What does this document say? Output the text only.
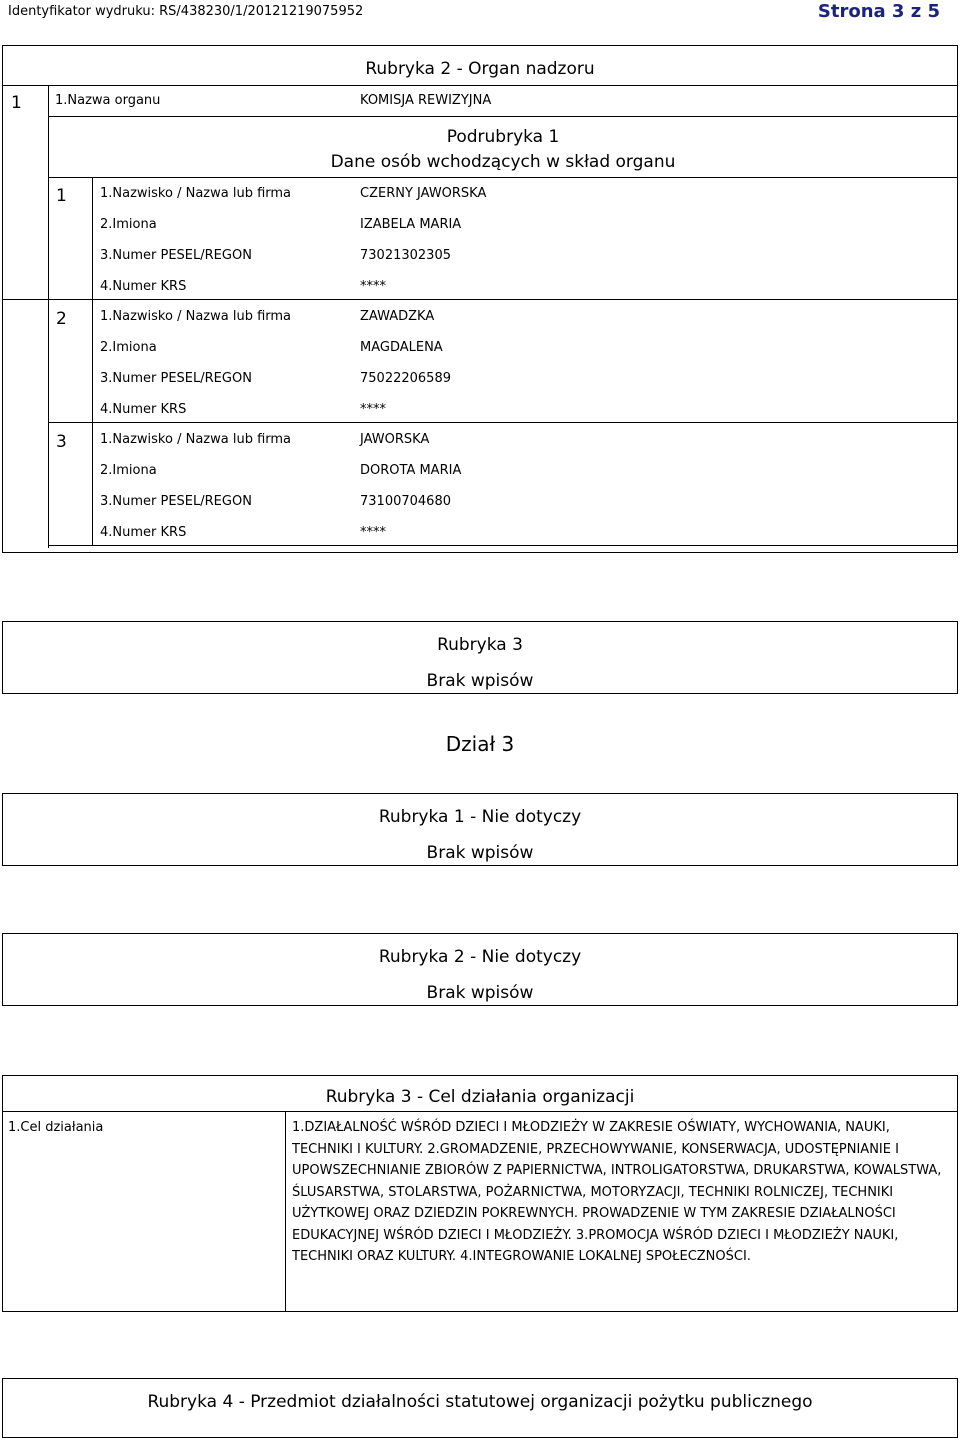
Identyfikator wydruku: RS/438230/1/20121219075952	Strona 3 z 5
Rubryka 2 - Organ nadzoru
1	1.Nazwa organu	KOMISJA REWIZYJNA
Podrubryka 1
Dane osób wchodzących w skład organu
1	1.Nazwisko / Nazwa lub firma	CZERNY JAWORSKA
2.Imiona	IZABELA MARIA
3.Numer PESEL/REGON	73021302305
4.Numer KRS	****
2	1.Nazwisko / Nazwa lub firma	ZAWADZKA
2.Imiona	MAGDALENA
3.Numer PESEL/REGON	75022206589
4.Numer KRS	****
3	1.Nazwisko / Nazwa lub firma	JAWORSKA
2.Imiona	DOROTA MARIA
3.Numer PESEL/REGON	73100704680
4.Numer KRS	****
Rubryka 3
Brak wpisów
Dział 3
Rubryka 1 - Nie dotyczy
Brak wpisów
Rubryka 2 - Nie dotyczy
Brak wpisów
Rubryka 3 - Cel działania organizacji
1.Cel działania	1.DZIAŁALNOŚĆ WŚRÓD DZIECI I MŁODZIEŻY W ZAKRESIE OŚWIATY, WYCHOWANIA, NAUKI, TECHNIKI I KULTURY. 2.GROMADZENIE, PRZECHOWYWANIE, KONSERWACJA, UDOSTĘPNIANIE I UPOWSZECHNIANIE ZBIORÓW Z PAPIERNICTWA, INTROLIGATORSTWA, DRUKARSTWA, KOWALSTWA, ŚLUSARSTWA, STOLARSTWA, POŻARNICTWA, MOTORYZACJI, TECHNIKI ROLNICZEJ, TECHNIKI UŻYTKOWEJ ORAZ DZIEDZIN POKREWNYCH. PROWADZENIE W TYM ZAKRESIE DZIAŁALNOŚCI EDUKACYJNEJ WŚRÓD DZIECI I MŁODZIEŻY. 3.PROMOCJA WŚRÓD DZIECI I MŁODZIEŻY NAUKI, TECHNIKI ORAZ KULTURY. 4.INTEGROWANIE LOKALNEJ SPOŁECZNOŚCI.
Rubryka 4 - Przedmiot działalności statutowej organizacji pożytku publicznego
